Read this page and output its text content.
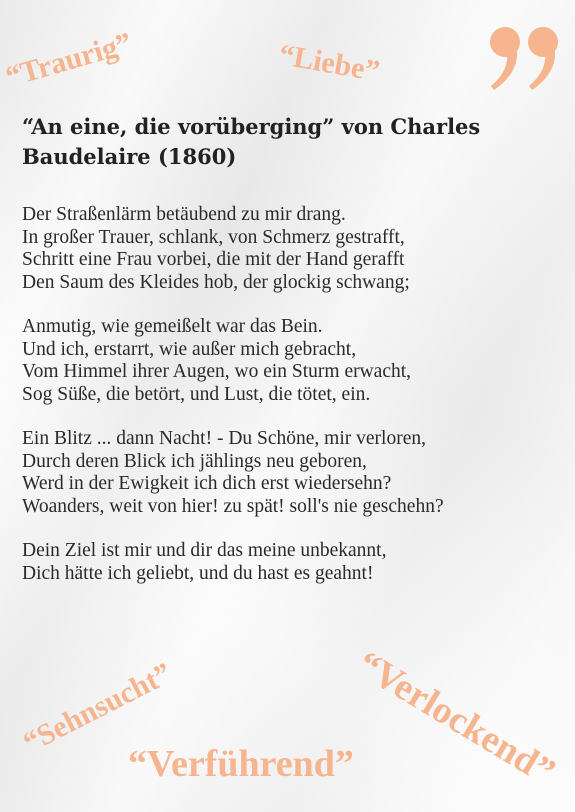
“Traurig”	“Liebe”
“Sehnsucht”
“Verführend”
“Verlockend”
“An eine, die vorüberging” von Charles Baudelaire (1860)

Der Straßenlärm betäubend zu mir drang.
In großer Trauer, schlank, von Schmerz gestrafft,
Schritt eine Frau vorbei, die mit der Hand gerafft
Den Saum des Kleides hob, der glockig schwang;

Anmutig, wie gemeißelt war das Bein.
Und ich, erstarrt, wie außer mich gebracht,
Vom Himmel ihrer Augen, wo ein Sturm erwacht,
Sog Süße, die betört, und Lust, die tötet, ein.

Ein Blitz ... dann Nacht! - Du Schöne, mir verloren,
Durch deren Blick ich jählings neu geboren,
Werd in der Ewigkeit ich dich erst wiedersehn?
Woanders, weit von hier! zu spät! soll's nie geschehn?

Dein Ziel ist mir und dir das meine unbekannt,
Dich hätte ich geliebt, und du hast es geahnt!
